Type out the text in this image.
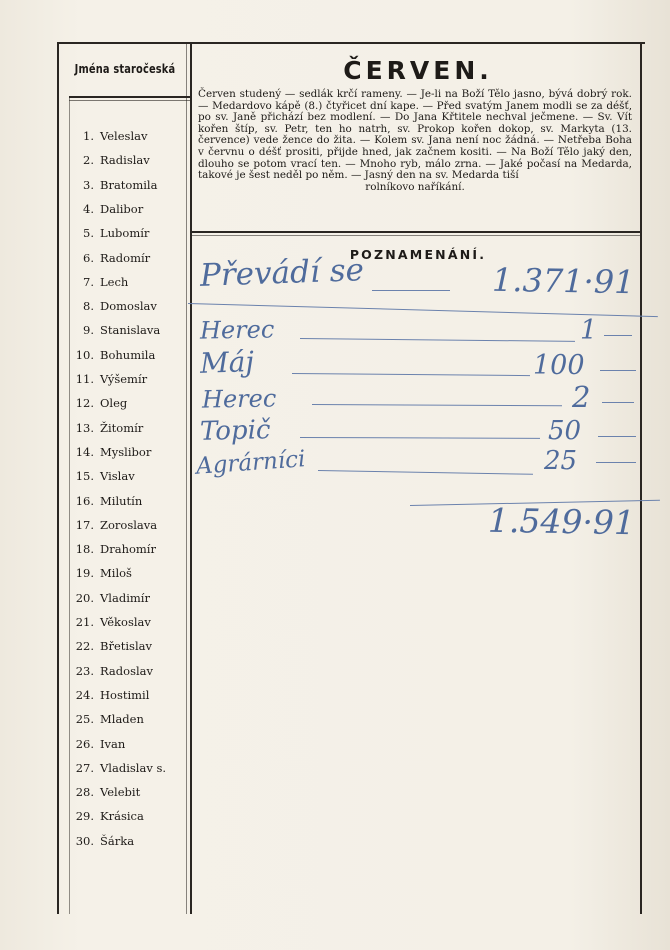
Jména staročeská
1. Veleslav
2. Radislav
3. Bratomila
4. Dalibor
5. Lubomír
6. Radomír
7. Lech
8. Domoslav
9. Stanislava
10. Bohumila
11. Výšemír
12. Oleg
13. Žitomír
14. Myslibor
15. Vislav
16. Milutín
17. Zoroslava
18. Drahomír
19. Miloš
20. Vladimír
21. Věkoslav
22. Břetislav
23. Radoslav
24. Hostimil
25. Mladen
26. Ivan
27. Vladislav s.
28. Velebit
29. Krásica
30. Šárka
ČERVEN.
Červen studený — sedlák krčí rameny. — Je-li na Boží Tělo jasno, bývá dobrý rok. — Medardovo kápě (8.) čtyřicet dní kape. — Před svatým Janem modli se za déšť, po sv. Janě přichází bez modlení. — Do Jana Křtitele nechval ječmene. — Sv. Vít kořen štíp, sv. Petr, ten ho natrh, sv. Prokop kořen dokop, sv. Markyta (13. července) vede žence do žita. — Kolem sv. Jana není noc žádná. — Netřeba Boha v červnu o déšť prositi, přijde hned, jak začnem kositi. — Na Boží Tělo jaký den, dlouho se potom vrací ten. — Mnoho ryb, málo zrna. — Jaké počasí na Medarda, takové je šest neděl po něm. — Jasný den na sv. Medarda tiší
rolníkovo naříkání.
POZNAMENÁNÍ.
Převádí se	1.371·91
Herec	1
Máj	100
Herec	2
Topič	50
Agrárníci	25
1.549·91
